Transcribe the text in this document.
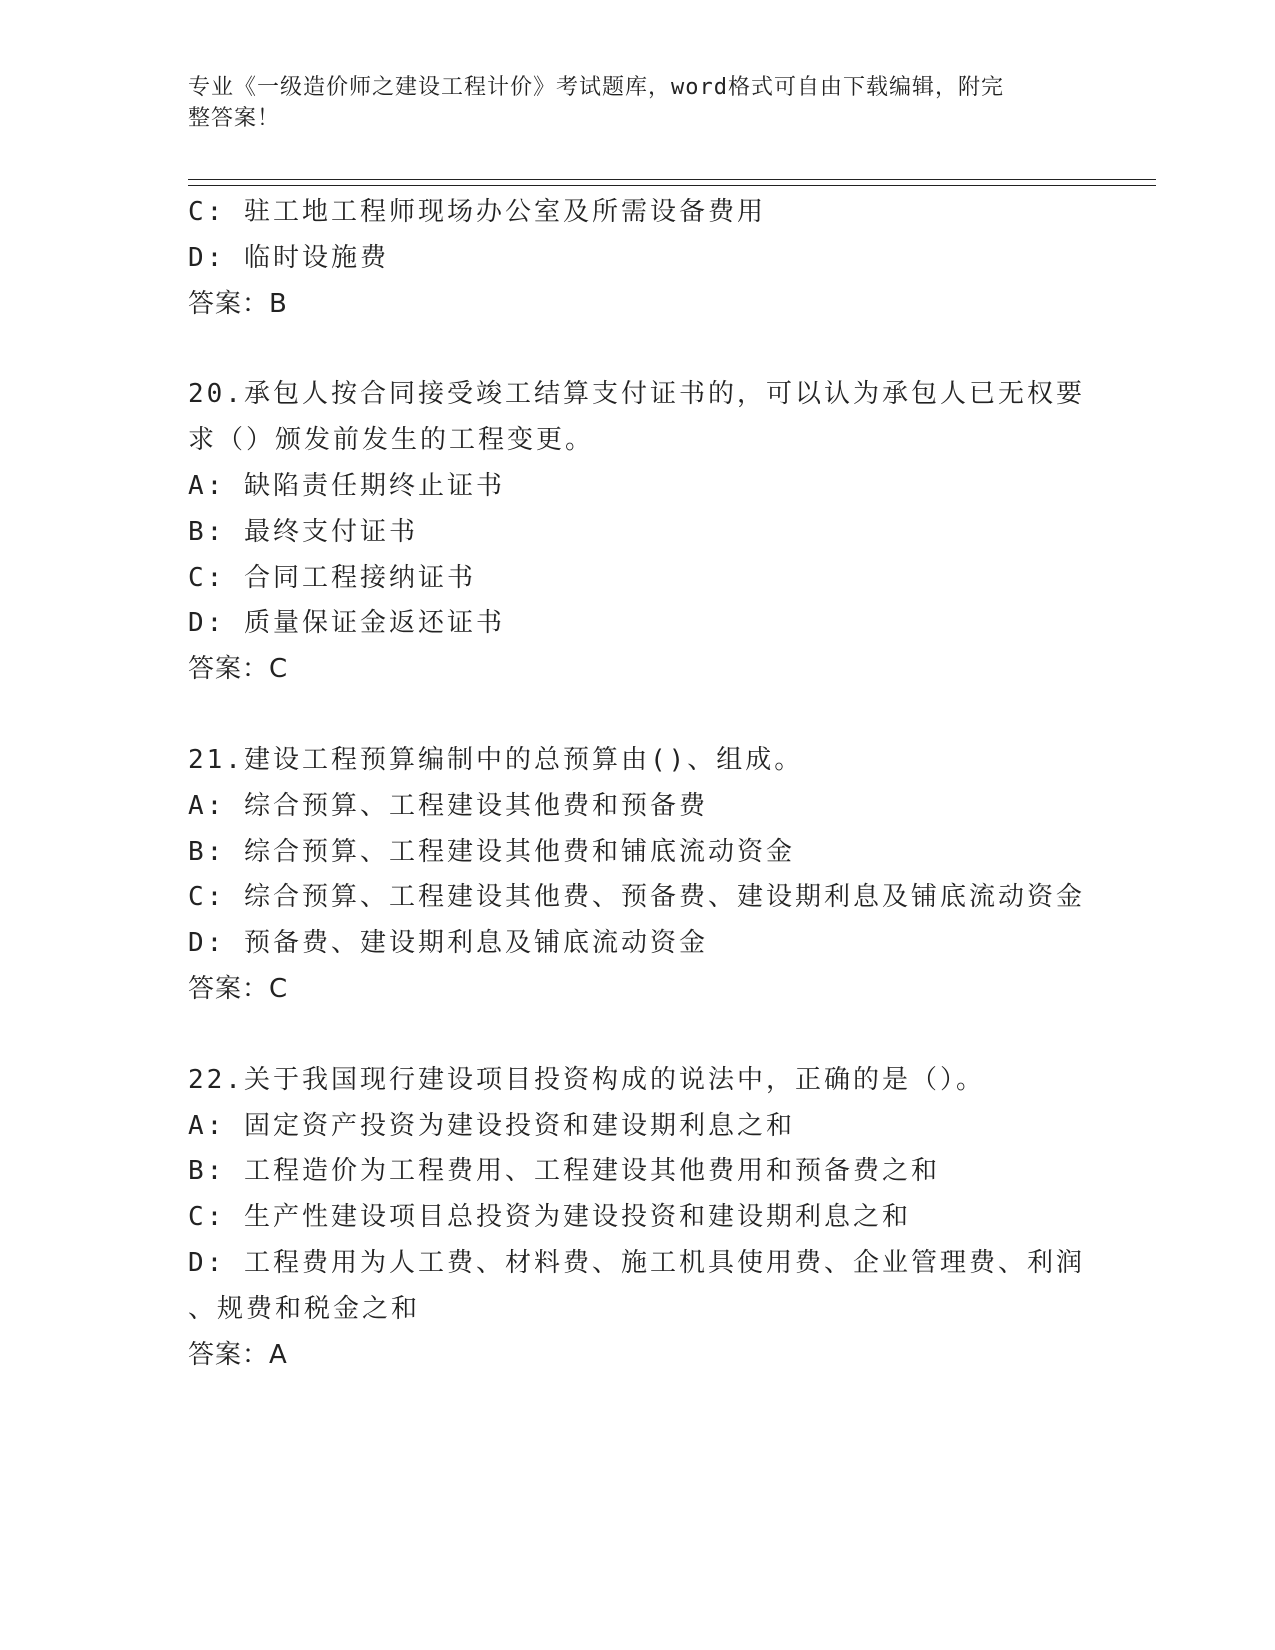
专业《一级造价师之建设工程计价》考试题库，word格式可自由下载编辑，附完
整答案！
C: 驻工地工程师现场办公室及所需设备费用
D: 临时设施费
答案：B
20.承包人按合同接受竣工结算支付证书的，可以认为承包人已无权要
求（）颁发前发生的工程变更。
A: 缺陷责任期终止证书
B: 最终支付证书
C: 合同工程接纳证书
D: 质量保证金返还证书
答案：C
21.建设工程预算编制中的总预算由()、组成。
A: 综合预算、工程建设其他费和预备费
B: 综合预算、工程建设其他费和铺底流动资金
C: 综合预算、工程建设其他费、预备费、建设期利息及铺底流动资金
D: 预备费、建设期利息及铺底流动资金
答案：C
22.关于我国现行建设项目投资构成的说法中，正确的是（）。
A: 固定资产投资为建设投资和建设期利息之和
B: 工程造价为工程费用、工程建设其他费用和预备费之和
C: 生产性建设项目总投资为建设投资和建设期利息之和
D: 工程费用为人工费、材料费、施工机具使用费、企业管理费、利润
、规费和税金之和
答案：A
